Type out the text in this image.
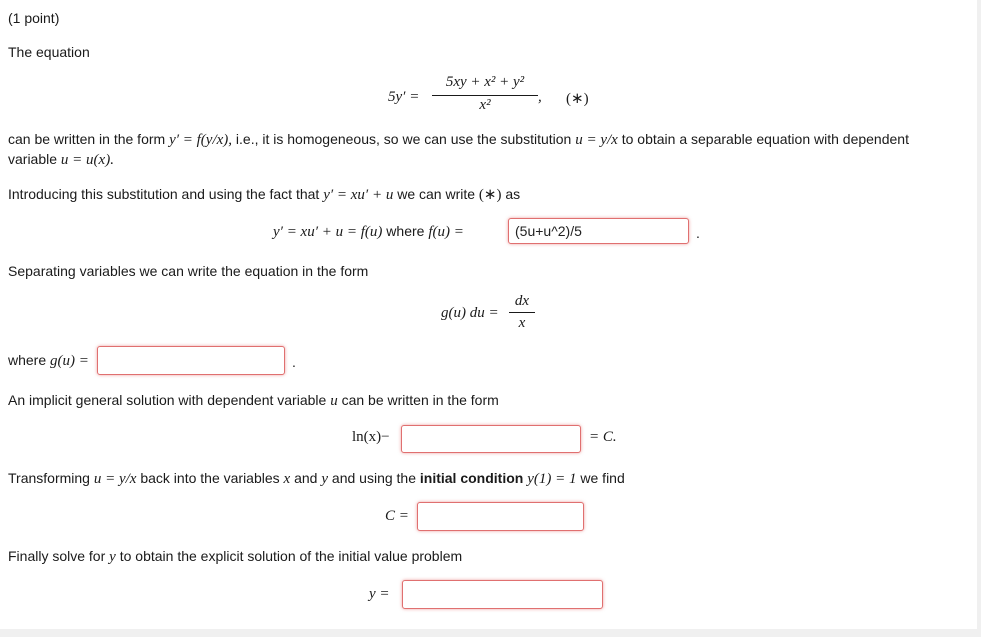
(1 point)
The equation
5y′ =
5xy + x² + y²
x²	, (∗)
can be written in the form y′ = f(y/x), i.e., it is homogeneous, so we can use the substitution u = y/x to obtain a separable equation with dependent
variable u = u(x).
Introducing this substitution and using the fact that y′ = xu′ + u we can write (∗) as
y′ = xu′ + u = f(u) where f(u) =
(5u+u^2)/5	.
Separating variables we can write the equation in the form
g(u) du =
dx
x
where g(u) =	.
An implicit general solution with dependent variable u can be written in the form
ln(x)−	= C.
Transforming u = y/x back into the variables x and y and using the initial condition y(1) = 1 we find
C =
Finally solve for y to obtain the explicit solution of the initial value problem
y =
